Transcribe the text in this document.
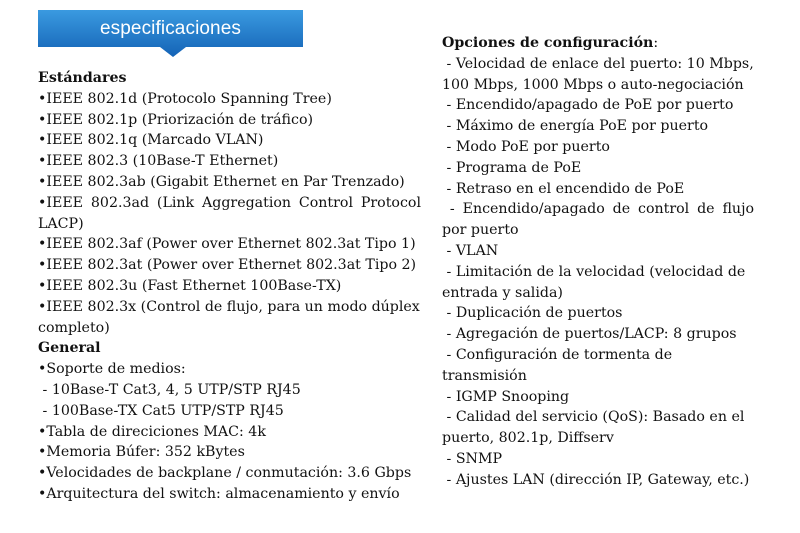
especificaciones
Estándares
•IEEE 802.1d (Protocolo Spanning Tree)
•IEEE 802.1p (Priorización de tráfico)
•IEEE 802.1q (Marcado VLAN)
•IEEE 802.3 (10Base-T Ethernet)
•IEEE 802.3ab (Gigabit Ethernet en Par Trenzado)
•IEEE 802.3ad (Link Aggregation Control Protocol LACP)
•IEEE 802.3af (Power over Ethernet 802.3at Tipo 1)
•IEEE 802.3at (Power over Ethernet 802.3at Tipo 2)
•IEEE 802.3u (Fast Ethernet 100Base-TX)
•IEEE 802.3x (Control de flujo, para un modo dúplex completo)
General
•Soporte de medios:
- 10Base-T Cat3, 4, 5 UTP/STP RJ45
- 100Base-TX Cat5 UTP/STP RJ45
•Tabla de direciciones MAC: 4k
•Memoria Búfer: 352 kBytes
•Velocidades de backplane / conmutación: 3.6 Gbps
•Arquitectura del switch: almacenamiento y envío
Opciones de configuración:
- Velocidad de enlace del puerto: 10 Mbps, 100 Mbps, 1000 Mbps o auto-negociación
- Encendido/apagado de PoE por puerto
- Máximo de energía PoE por puerto
- Modo PoE por puerto
- Programa de PoE
- Retraso en el encendido de PoE
- Encendido/apagado de control de flujo por puerto
- VLAN
- Limitación de la velocidad (velocidad de entrada y salida)
- Duplicación de puertos
- Agregación de puertos/LACP: 8 grupos
- Configuración de tormenta de transmisión
- IGMP Snooping
- Calidad del servicio (QoS): Basado en el puerto, 802.1p, Diffserv
- SNMP
- Ajustes LAN (dirección IP, Gateway, etc.)
